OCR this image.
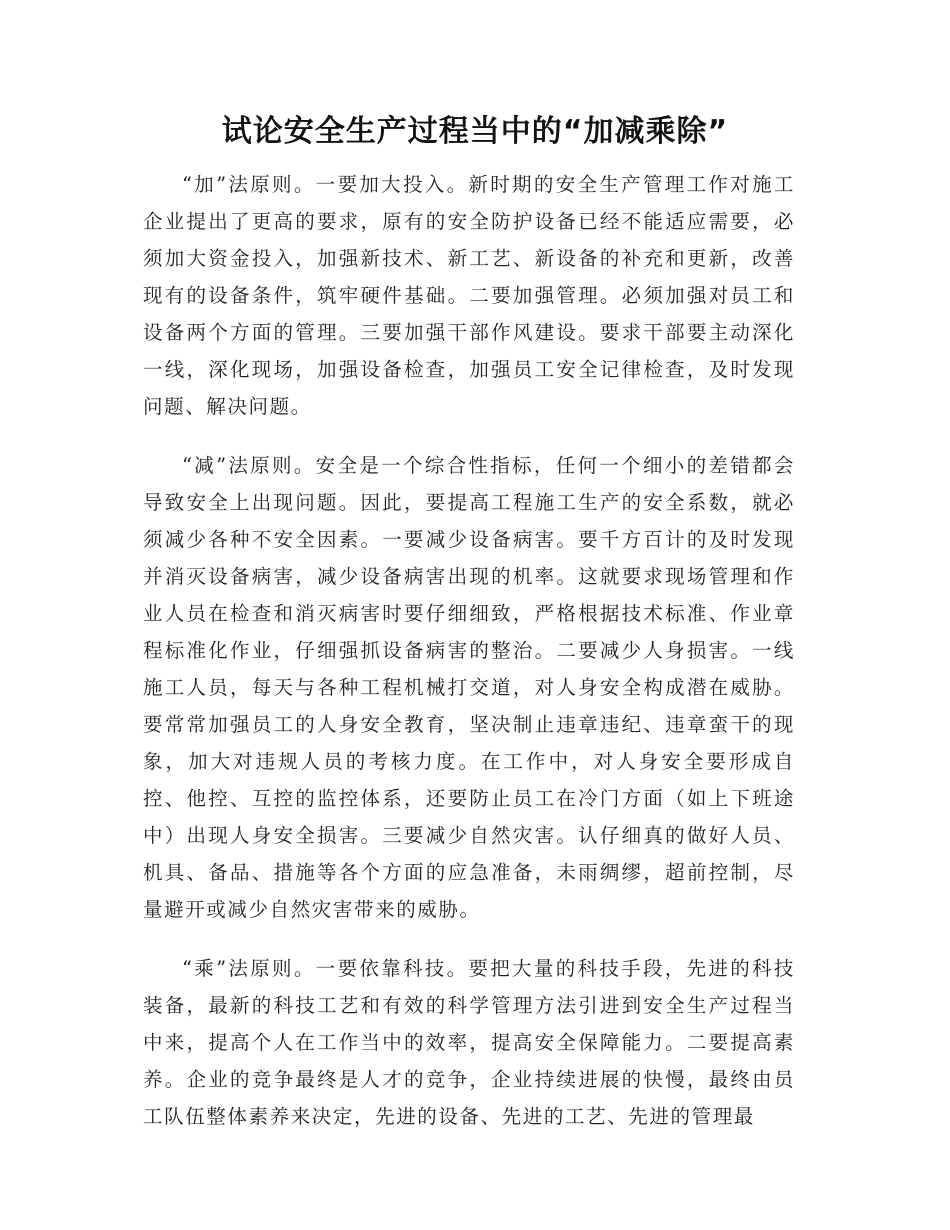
试论安全生产过程当中的“加减乘除”

“加”法原则。一要加大投入。新时期的安全生产管理工作对施工企业提出了更高的要求，原有的安全防护设备已经不能适应需要，必须加大资金投入，加强新技术、新工艺、新设备的补充和更新，改善现有的设备条件，筑牢硬件基础。二要加强管理。必须加强对员工和设备两个方面的管理。三要加强干部作风建设。要求干部要主动深化一线，深化现场，加强设备检查，加强员工安全记律检查，及时发现问题、解决问题。

“减”法原则。安全是一个综合性指标，任何一个细小的差错都会导致安全上出现问题。因此，要提高工程施工生产的安全系数，就必须减少各种不安全因素。一要减少设备病害。要千方百计的及时发现并消灭设备病害，减少设备病害出现的机率。这就要求现场管理和作业人员在检查和消灭病害时要仔细细致，严格根据技术标准、作业章程标准化作业，仔细强抓设备病害的整治。二要减少人身损害。一线施工人员，每天与各种工程机械打交道，对人身安全构成潜在威胁。要常常加强员工的人身安全教育，坚决制止违章违纪、违章蛮干的现象，加大对违规人员的考核力度。在工作中，对人身安全要形成自控、他控、互控的监控体系，还要防止员工在冷门方面（如上下班途中）出现人身安全损害。三要减少自然灾害。认仔细真的做好人员、机具、备品、措施等各个方面的应急准备，未雨绸缪，超前控制，尽量避开或减少自然灾害带来的威胁。

“乘”法原则。一要依靠科技。要把大量的科技手段，先进的科技装备，最新的科技工艺和有效的科学管理方法引进到安全生产过程当中来，提高个人在工作当中的效率，提高安全保障能力。二要提高素养。企业的竞争最终是人才的竞争，企业持续进展的快慢，最终由员工队伍整体素养来决定，先进的设备、先进的工艺、先进的管理最
